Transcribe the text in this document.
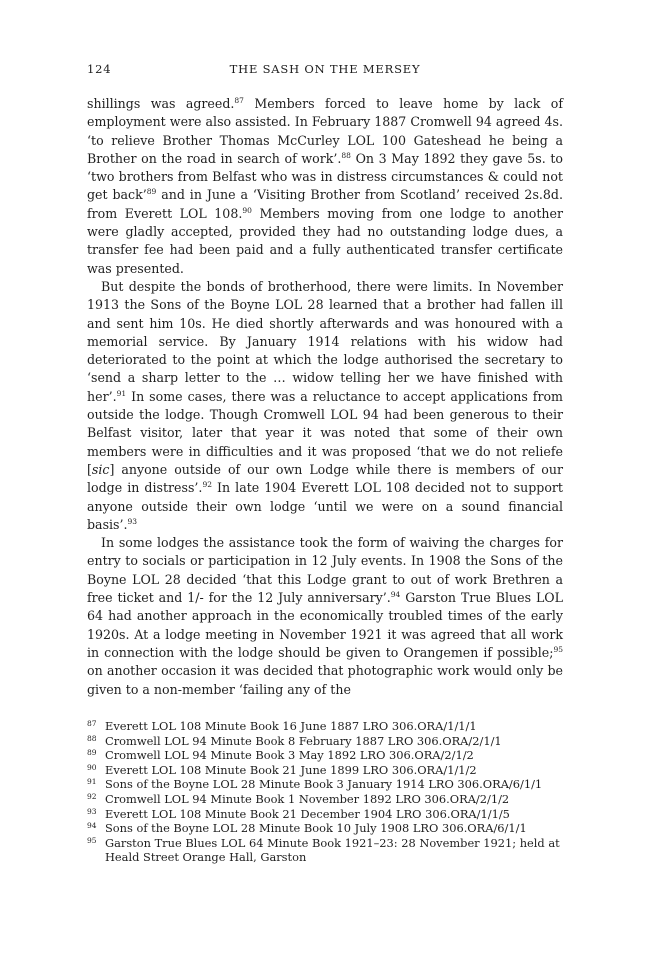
124	THE SASH ON THE MERSEY

shillings was agreed.$^{87}$ Members forced to leave home by lack of employment were also assisted. In February 1887 Cromwell 94 agreed 4s. ‘to relieve Brother Thomas McCurley LOL 100 Gateshead he being a Brother on the road in search of work’.$^{88}$ On 3 May 1892 they gave 5s. to ‘two brothers from Belfast who was in distress circumstances & could not get back’$^{89}$ and in June a ‘Visiting Brother from Scotland’ received 2s.8d. from Everett LOL 108.90 Members moving from one lodge to another were gladly accepted, provided they had no outstanding lodge dues, a transfer fee had been paid and a fully authenticated transfer certificate was presented.

But despite the bonds of brotherhood, there were limits. In November 1913 the Sons of the Boyne LOL 28 learned that a brother had fallen ill and sent him 10s. He died shortly afterwards and was honoured with a memorial service. By January 1914 relations with his widow had deteriorated to the point at which the lodge authorised the secretary to ‘send a sharp letter to the … widow telling her we have finished with her’.$^{91}$ In some cases, there was a reluctance to accept applications from outside the lodge. Though Cromwell LOL 94 had been generous to their Belfast visitor, later that year it was noted that some of their own members were in difficulties and it was proposed ‘that we do not reliefe [sic] anyone outside of our own Lodge while there is members of our lodge in distress’.$^{92}$ In late 1904 Everett LOL 108 decided not to support anyone outside their own lodge ‘until we were on a sound financial basis’.$^{93}$

In some lodges the assistance took the form of waiving the charges for entry to socials or participation in 12 July events. In 1908 the Sons of the Boyne LOL 28 decided ‘that this Lodge grant to out of work Brethren a free ticket and 1/- for the 12 July anniversary’.$^{94}$ Garston True Blues LOL 64 had another approach in the economically troubled times of the early 1920s. At a lodge meeting in November 1921 it was agreed that all work in connection with the lodge should be given to Orangemen if possible;$^{95}$ on another occasion it was decided that photographic work would only be given to a non-member ‘failing any of the

87 Everett LOL 108 Minute Book 16 June 1887 LRO 306.ORA/1/1/1
88 Cromwell LOL 94 Minute Book 8 February 1887 LRO 306.ORA/2/1/1
89 Cromwell LOL 94 Minute Book 3 May 1892 LRO 306.ORA/2/1/2
90 Everett LOL 108 Minute Book 21 June 1899 LRO 306.ORA/1/1/2
91 Sons of the Boyne LOL 28 Minute Book 3 January 1914 LRO 306.ORA/6/1/1
92 Cromwell LOL 94 Minute Book 1 November 1892 LRO 306.ORA/2/1/2
93 Everett LOL 108 Minute Book 21 December 1904 LRO 306.ORA/1/1/5
94 Sons of the Boyne LOL 28 Minute Book 10 July 1908 LRO 306.ORA/6/1/1
95 Garston True Blues LOL 64 Minute Book 1921–23: 28 November 1921; held at Heald Street Orange Hall, Garston
